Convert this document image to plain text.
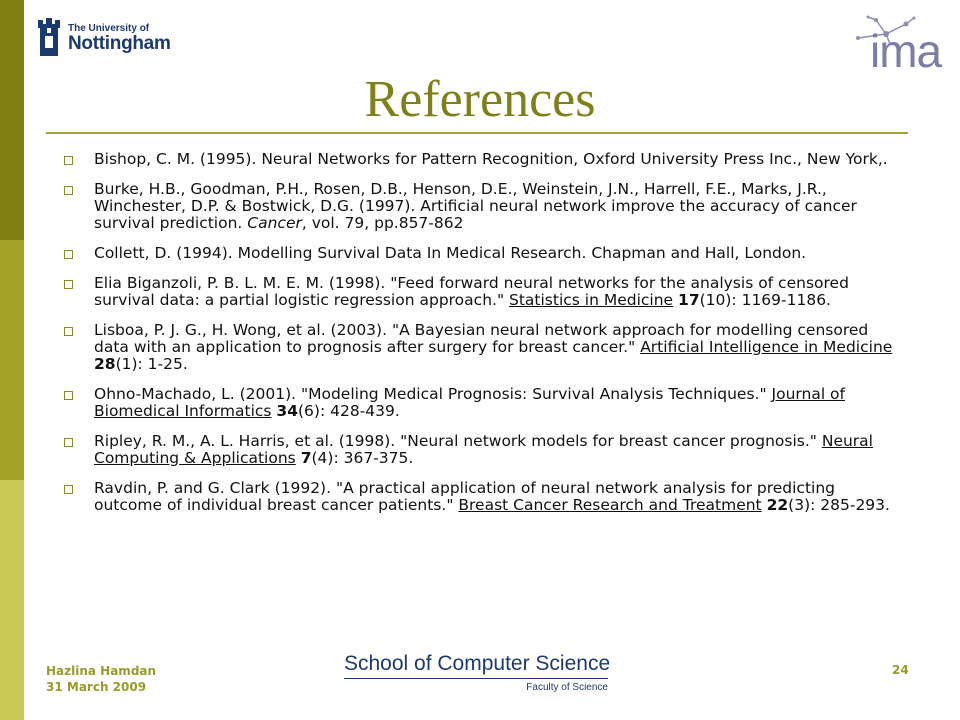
The University of
Nottingham	ima
References
Bishop, C. M. (1995). Neural Networks for Pattern Recognition, Oxford University Press Inc., New York,.
Burke, H.B., Goodman, P.H., Rosen, D.B., Henson, D.E., Weinstein, J.N., Harrell, F.E., Marks, J.R., Winchester, D.P. & Bostwick, D.G. (1997). Artificial neural network improve the accuracy of cancer survival prediction. Cancer, vol. 79, pp.857-862
Collett, D. (1994). Modelling Survival Data In Medical Research. Chapman and Hall, London.
Elia Biganzoli, P. B. L. M. E. M. (1998). "Feed forward neural networks for the analysis of censored survival data: a partial logistic regression approach." Statistics in Medicine 17(10): 1169-1186.
Lisboa, P. J. G., H. Wong, et al. (2003). "A Bayesian neural network approach for modelling censored data with an application to prognosis after surgery for breast cancer." Artificial Intelligence in Medicine 28(1): 1-25.
Ohno-Machado, L. (2001). "Modeling Medical Prognosis: Survival Analysis Techniques." Journal of Biomedical Informatics 34(6): 428-439.
Ripley, R. M., A. L. Harris, et al. (1998). "Neural network models for breast cancer prognosis." Neural Computing & Applications 7(4): 367-375.
Ravdin, P. and G. Clark (1992). "A practical application of neural network analysis for predicting outcome of individual breast cancer patients." Breast Cancer Research and Treatment 22(3): 285-293.
Hazlina Hamdan
31 March 2009
School of Computer Science
Faculty of Science
24
